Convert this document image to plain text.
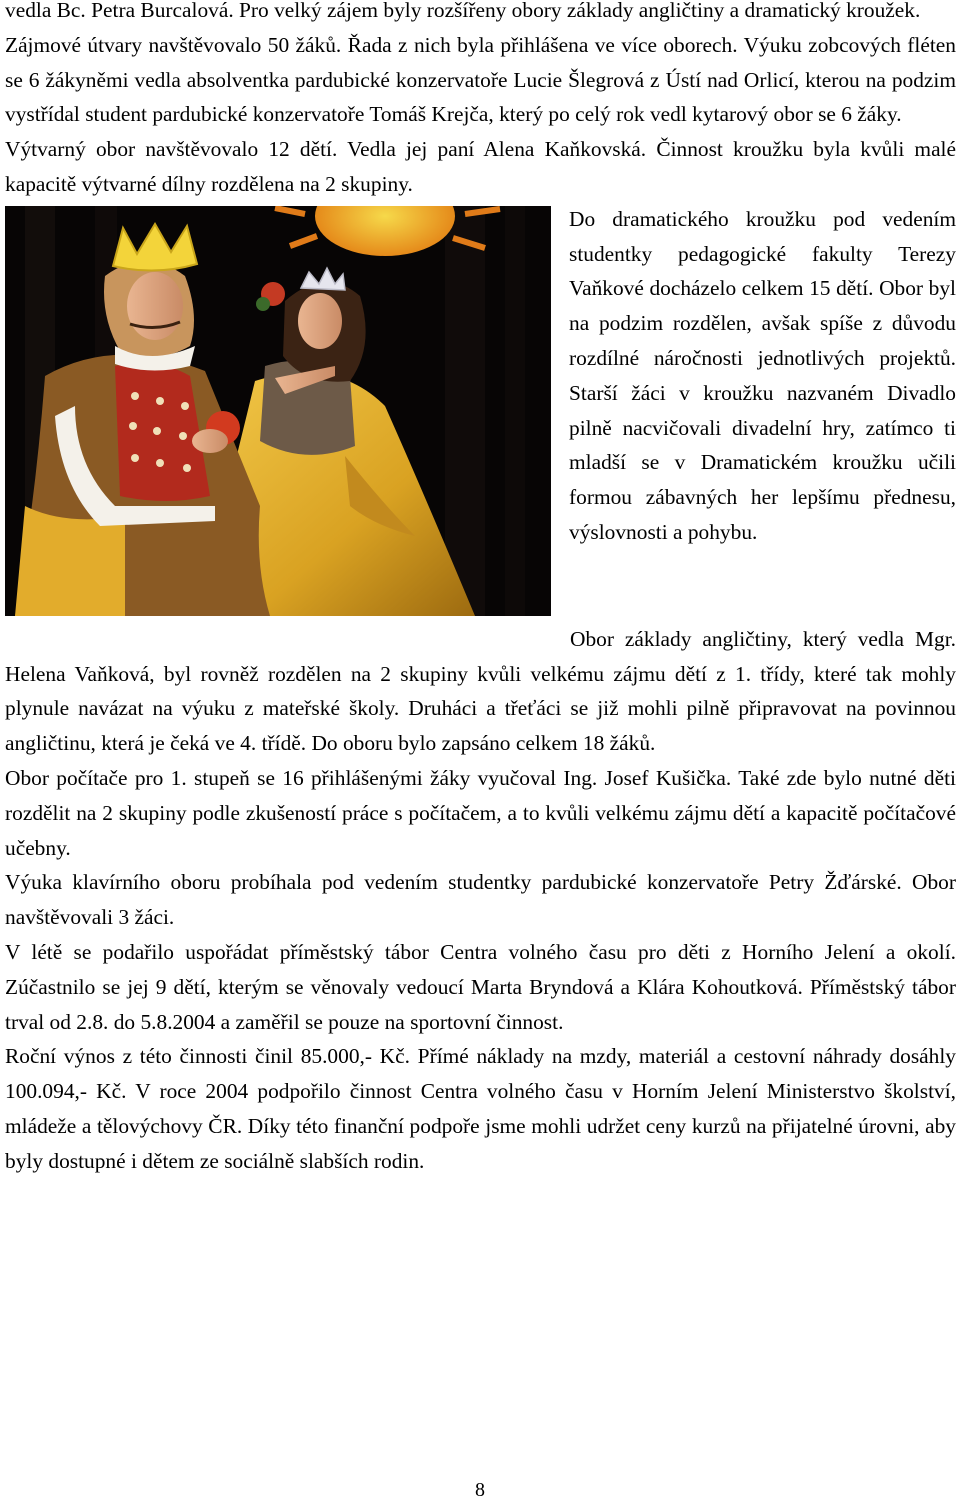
vedla Bc. Petra Burcalová. Pro velký zájem byly rozšířeny obory základy angličtiny a dramatický kroužek.

Zájmové útvary navštěvovalo 50 žáků. Řada z nich byla přihlášena ve více oborech. Výuku zobcových fléten se 6 žákyněmi vedla absolventka pardubické konzervatoře Lucie Šlegrová z Ústí nad Orlicí, kterou na podzim vystřídal student pardubické konzervatoře Tomáš Krejča, který po celý rok vedl kytarový obor se 6 žáky.

Výtvarný obor navštěvovalo 12 dětí. Vedla jej paní Alena Kaňkovská. Činnost kroužku byla kvůli malé kapacitě výtvarné dílny rozdělena na 2 skupiny.

Do dramatického kroužku pod vedením studentky pedagogické fakulty Terezy Vaňkové docházelo celkem 15 dětí. Obor byl na podzim rozdělen, avšak spíše z důvodu rozdílné náročnosti jednotlivých projektů. Starší žáci v kroužku nazvaném Divadlo pilně nacvičovali divadelní hry, zatímco ti mladší se v Dramatickém kroužku učili formou zábavných her lepšímu přednesu, výslovnosti a pohybu.

Obor základy angličtiny, který vedla Mgr. Helena Vaňková, byl rovněž rozdělen na 2 skupiny kvůli velkému zájmu dětí z 1. třídy, které tak mohly plynule navázat na výuku z mateřské školy. Druháci a třeťáci se již mohli pilně připravovat na povinnou angličtinu, která je čeká ve 4. třídě. Do oboru bylo zapsáno celkem 18 žáků.

Obor počítače pro 1. stupeň se 16 přihlášenými žáky vyučoval Ing. Josef Kušička. Také zde bylo nutné děti rozdělit na 2 skupiny podle zkušeností práce s počítačem, a to kvůli velkému zájmu dětí a kapacitě počítačové učebny.

Výuka klavírního oboru probíhala pod vedením studentky pardubické konzervatoře Petry Žďárské. Obor navštěvovali 3 žáci.

V létě se podařilo uspořádat příměstský tábor Centra volného času pro děti z Horního Jelení a okolí. Zúčastnilo se jej 9 dětí, kterým se věnovaly vedoucí Marta Bryndová a Klára Kohoutková. Příměstský tábor trval od 2.8. do 5.8.2004 a zaměřil se pouze na sportovní činnost.

Roční výnos z této činnosti činil 85.000,- Kč. Přímé náklady na mzdy, materiál a cestovní náhrady dosáhly 100.094,- Kč. V roce 2004 podpořilo činnost Centra volného času v Horním Jelení Ministerstvo školství, mládeže a tělovýchovy ČR. Díky této finanční podpoře jsme mohli udržet ceny kurzů na přijatelné úrovni, aby byly dostupné i dětem ze sociálně slabších rodin.

8
